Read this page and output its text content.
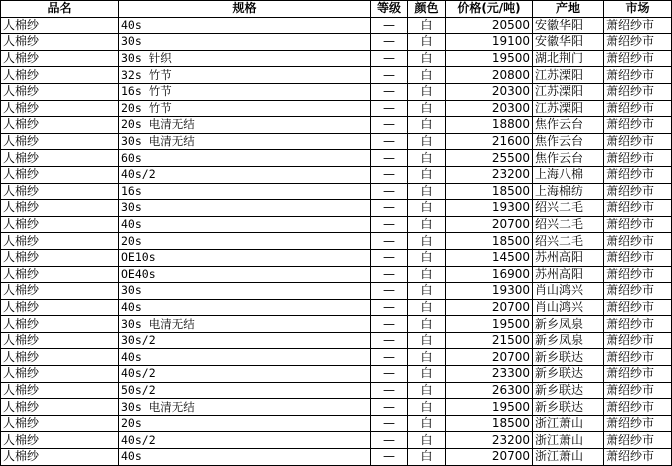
品名	规格	等级	颜色	价格(元/吨)	产地	市场
人棉纱	40s	—	白	20500	安徽华阳	萧绍纱市
人棉纱	30s	—	白	19100	安徽华阳	萧绍纱市
人棉纱	30s 针织	—	白	19500	湖北荆门	萧绍纱市
人棉纱	32s 竹节	—	白	20800	江苏溧阳	萧绍纱市
人棉纱	16s 竹节	—	白	20300	江苏溧阳	萧绍纱市
人棉纱	20s 竹节	—	白	20300	江苏溧阳	萧绍纱市
人棉纱	20s 电清无结	—	白	18800	焦作云台	萧绍纱市
人棉纱	30s 电清无结	—	白	21600	焦作云台	萧绍纱市
人棉纱	60s	—	白	25500	焦作云台	萧绍纱市
人棉纱	40s/2	—	白	23200	上海八棉	萧绍纱市
人棉纱	16s	—	白	18500	上海棉纺	萧绍纱市
人棉纱	30s	—	白	19300	绍兴二毛	萧绍纱市
人棉纱	40s	—	白	20700	绍兴二毛	萧绍纱市
人棉纱	20s	—	白	18500	绍兴二毛	萧绍纱市
人棉纱	OE10s	—	白	14500	苏州高阳	萧绍纱市
人棉纱	OE40s	—	白	16900	苏州高阳	萧绍纱市
人棉纱	30s	—	白	19300	肖山鸿兴	萧绍纱市
人棉纱	40s	—	白	20700	肖山鸿兴	萧绍纱市
人棉纱	30s 电清无结	—	白	19500	新乡凤泉	萧绍纱市
人棉纱	30s/2	—	白	21500	新乡凤泉	萧绍纱市
人棉纱	40s	—	白	20700	新乡联达	萧绍纱市
人棉纱	40s/2	—	白	23300	新乡联达	萧绍纱市
人棉纱	50s/2	—	白	26300	新乡联达	萧绍纱市
人棉纱	30s 电清无结	—	白	19500	新乡联达	萧绍纱市
人棉纱	20s	—	白	18500	浙江萧山	萧绍纱市
人棉纱	40s/2	—	白	23200	浙江萧山	萧绍纱市
人棉纱	40s	—	白	20700	浙江萧山	萧绍纱市
